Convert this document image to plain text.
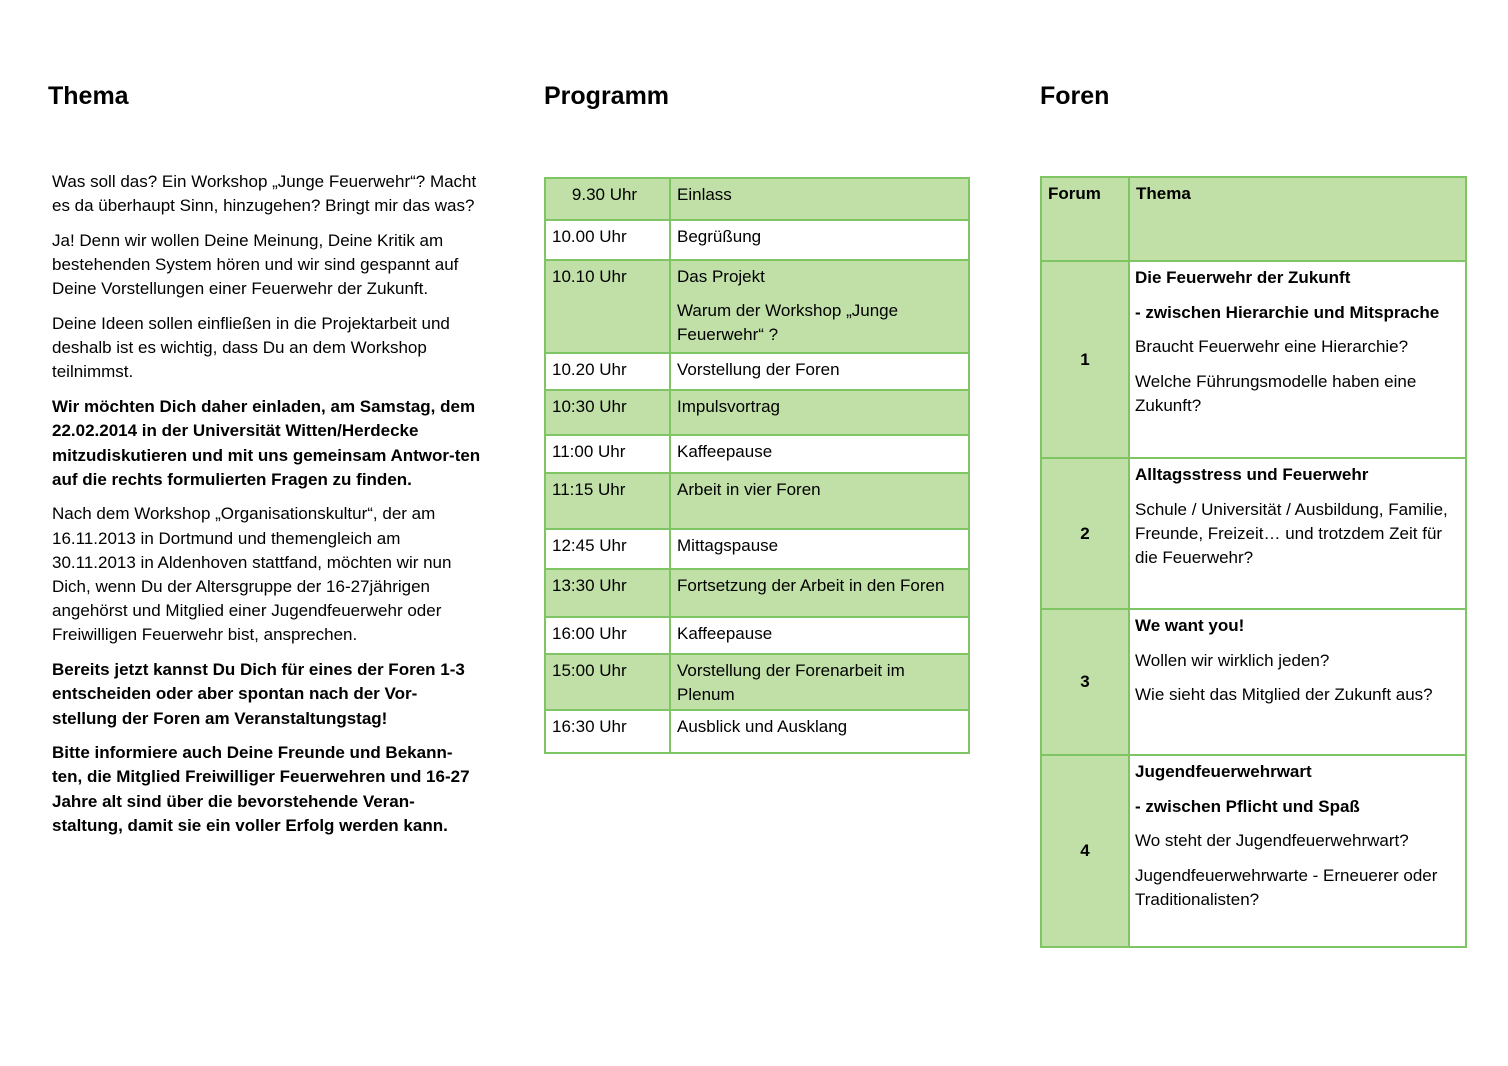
Thema

Was soll das? Ein Workshop „Junge Feuerwehr“? Macht es da überhaupt Sinn, hinzugehen? Bringt mir das was?

Ja! Denn wir wollen Deine Meinung, Deine Kritik am bestehenden System hören und wir sind gespannt auf Deine Vorstellungen einer Feuerwehr der Zukunft.

Deine Ideen sollen einfließen in die Projektarbeit und deshalb ist es wichtig, dass Du an dem Workshop teilnimmst.

Wir möchten Dich daher einladen, am Samstag, dem 22.02.2014 in der Universität Witten/Herdecke mitzudiskutieren und mit uns gemeinsam Antwor-ten auf die rechts formulierten Fragen zu finden.

Nach dem Workshop „Organisationskultur“, der am 16.11.2013 in Dortmund und themengleich am 30.11.2013 in Aldenhoven stattfand, möchten wir nun Dich, wenn Du der Altersgruppe der 16-27jährigen angehörst und Mitglied einer Jugendfeuerwehr oder Freiwilligen Feuerwehr bist, ansprechen.

Bereits jetzt kannst Du Dich für eines der Foren 1-3 entscheiden oder aber spontan nach der Vor-stellung der Foren am Veranstaltungstag!

Bitte informiere auch Deine Freunde und Bekann-ten, die Mitglied Freiwilliger Feuerwehren und 16-27 Jahre alt sind über die bevorstehende Veran-staltung, damit sie ein voller Erfolg werden kann.

Programm
9.30 Uhr	Einlass
10.00 Uhr	Begrüßung
10.10 Uhr	Das Projekt
Warum der Workshop „Junge Feuerwehr“ ?

10.20 Uhr	Vorstellung der Foren
10:30 Uhr	Impulsvortrag
11:00 Uhr	Kaffeepause
11:15 Uhr	Arbeit in vier Foren
12:45 Uhr	Mittagspause
13:30 Uhr	Fortsetzung der Arbeit in den Foren
16:00 Uhr	Kaffeepause
15:00 Uhr	Vorstellung der Forenarbeit im Plenum
16:30 Uhr	Ausblick und Ausklang
Foren
Forum	Thema
1	Die Feuerwehr der Zukunft
- zwischen Hierarchie und Mitsprache
Braucht Feuerwehr eine Hierarchie?
Welche Führungsmodelle haben eine Zukunft?

2	Alltagsstress und Feuerwehr
Schule / Universität / Ausbildung, Familie, Freunde, Freizeit… und trotzdem Zeit für die Feuerwehr?

3	We want you!
Wollen wir wirklich jeden?
Wie sieht das Mitglied der Zukunft aus?

4	Jugendfeuerwehrwart
- zwischen Pflicht und Spaß
Wo steht der Jugendfeuerwehrwart?
Jugendfeuerwehrwarte - Erneuerer oder Traditionalisten?
